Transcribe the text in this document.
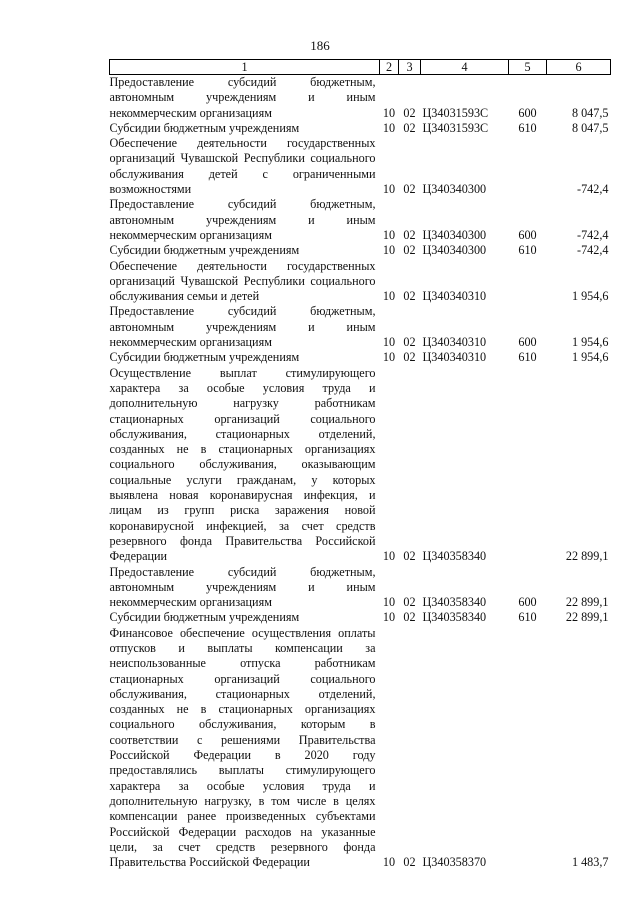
186
1	2	3	4	5	6
Предоставление субсидий бюджетным, автономным учреждениям и иным некоммерческим организациям	10	02	Ц34031593С	600	8 047,5
Субсидии бюджетным учреждениям	10	02	Ц34031593С	610	8 047,5
Обеспечение деятельности государственных организаций Чувашской Республики социального обслуживания детей с ограниченными возможностями	10	02	Ц340340300		-742,4
Предоставление субсидий бюджетным, автономным учреждениям и иным некоммерческим организациям	10	02	Ц340340300	600	-742,4
Субсидии бюджетным учреждениям	10	02	Ц340340300	610	-742,4
Обеспечение деятельности государственных организаций Чувашской Республики социального обслуживания семьи и детей	10	02	Ц340340310		1 954,6
Предоставление субсидий бюджетным, автономным учреждениям и иным некоммерческим организациям	10	02	Ц340340310	600	1 954,6
Субсидии бюджетным учреждениям	10	02	Ц340340310	610	1 954,6
Осуществление выплат стимулирующего характера за особые условия труда и дополнительную нагрузку работникам стационарных организаций социального обслуживания, стационарных отделений, созданных не в стационарных организациях социального обслуживания, оказывающим социальные услуги гражданам, у которых выявлена новая коронавирусная инфекция, и лицам из групп риска заражения новой коронавирусной инфекцией, за счет средств резервного фонда Правительства Российской Федерации	10	02	Ц340358340		22 899,1
Предоставление субсидий бюджетным, автономным учреждениям и иным некоммерческим организациям	10	02	Ц340358340	600	22 899,1
Субсидии бюджетным учреждениям	10	02	Ц340358340	610	22 899,1
Финансовое обеспечение осуществления оплаты отпусков и выплаты компенсации за неиспользованные отпуска работникам стационарных организаций социального обслуживания, стационарных отделений, созданных не в стационарных организациях социального обслуживания, которым в соответствии с решениями Правительства Российской Федерации в 2020 году предоставлялись выплаты стимулирующего характера за особые условия труда и дополнительную нагрузку, в том числе в целях компенсации ранее произведенных субъектами Российской Федерации расходов на указанные цели, за счет средств резервного фонда Правительства Российской Федерации	10	02	Ц340358370		1 483,7
